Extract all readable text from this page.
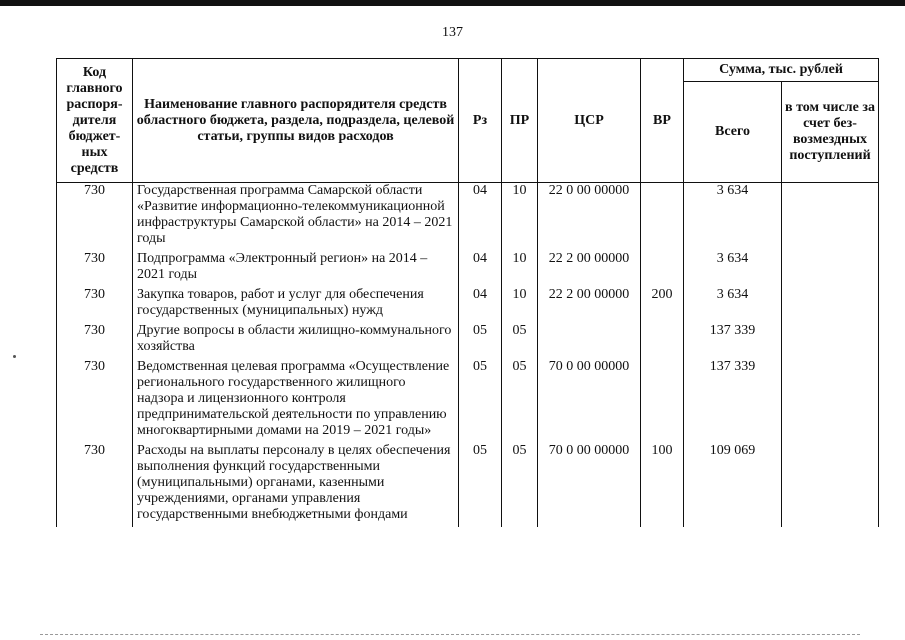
137
Код главного распоря-дителя бюджет-ных средств	Наименование главного распорядителя средств областного бюджета, раздела, подраздела, целевой статьи, группы видов расходов	Рз	ПР	ЦСР	ВР	Сумма, тыс. рублей	
						Всего	в том числе за счет без-возмездных поступлений
730	Государственная программа Самарской области «Развитие информационно-телекоммуникационной инфраструктуры Самарской области» на 2014 – 2021 годы	04	10	22 0 00 00000		3 634	
730	Подпрограмма «Электронный регион» на 2014 – 2021 годы	04	10	22 2 00 00000		3 634	
730	Закупка товаров, работ и услуг для обеспечения государственных (муниципальных) нужд	04	10	22 2 00 00000	200	3 634	
730	Другие вопросы в области жилищно-коммунального хозяйства	05	05			137 339	
730	Ведомственная целевая программа «Осуществление регионального государственного жилищного надзора и лицензионного контроля предпринимательской деятельности по управлению многоквартирными домами на 2019 – 2021 годы»	05	05	70 0 00 00000		137 339	
730	Расходы на выплаты персоналу в целях обеспечения выполнения функций государственными (муниципальными) органами, казенными учреждениями, органами управления государственными внебюджетными фондами	05	05	70 0 00 00000	100	109 069	
